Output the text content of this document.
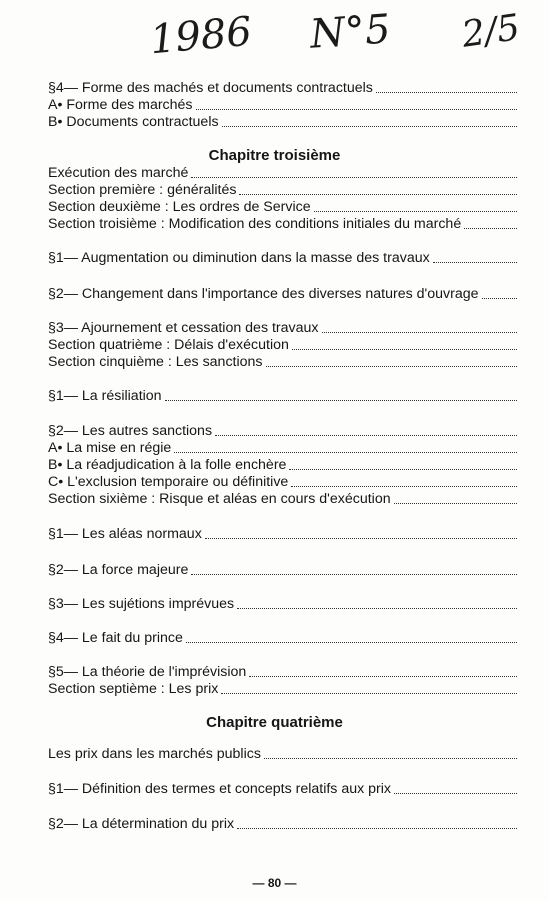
1986 N°5 2/5
Chapitre troisième
Chapitre quatrième
§4— Forme des machés et documents contractuels
A• Forme des marchés
B• Documents contractuels
Exécution des marché
Section première : généralités
Section deuxième : Les ordres de Service
Section troisième : Modification des conditions initiales du marché
§1— Augmentation ou diminution dans la masse des travaux
§2— Changement dans l'importance des diverses natures d'ouvrage
§3— Ajournement et cessation des travaux
Section quatrième : Délais d'exécution
Section cinquième : Les sanctions
§1— La résiliation
§2— Les autres sanctions
A• La mise en régie
B• La réadjudication à la folle enchère
C• L'exclusion temporaire ou définitive
Section sixième : Risque et aléas en cours d'exécution
§1— Les aléas normaux
§2— La force majeure
§3— Les sujétions imprévues
§4— Le fait du prince
§5— La théorie de l'imprévision
Section septième : Les prix
Les prix dans les marchés publics
§1— Définition des termes et concepts relatifs aux prix
§2— La détermination du prix
— 80 —
